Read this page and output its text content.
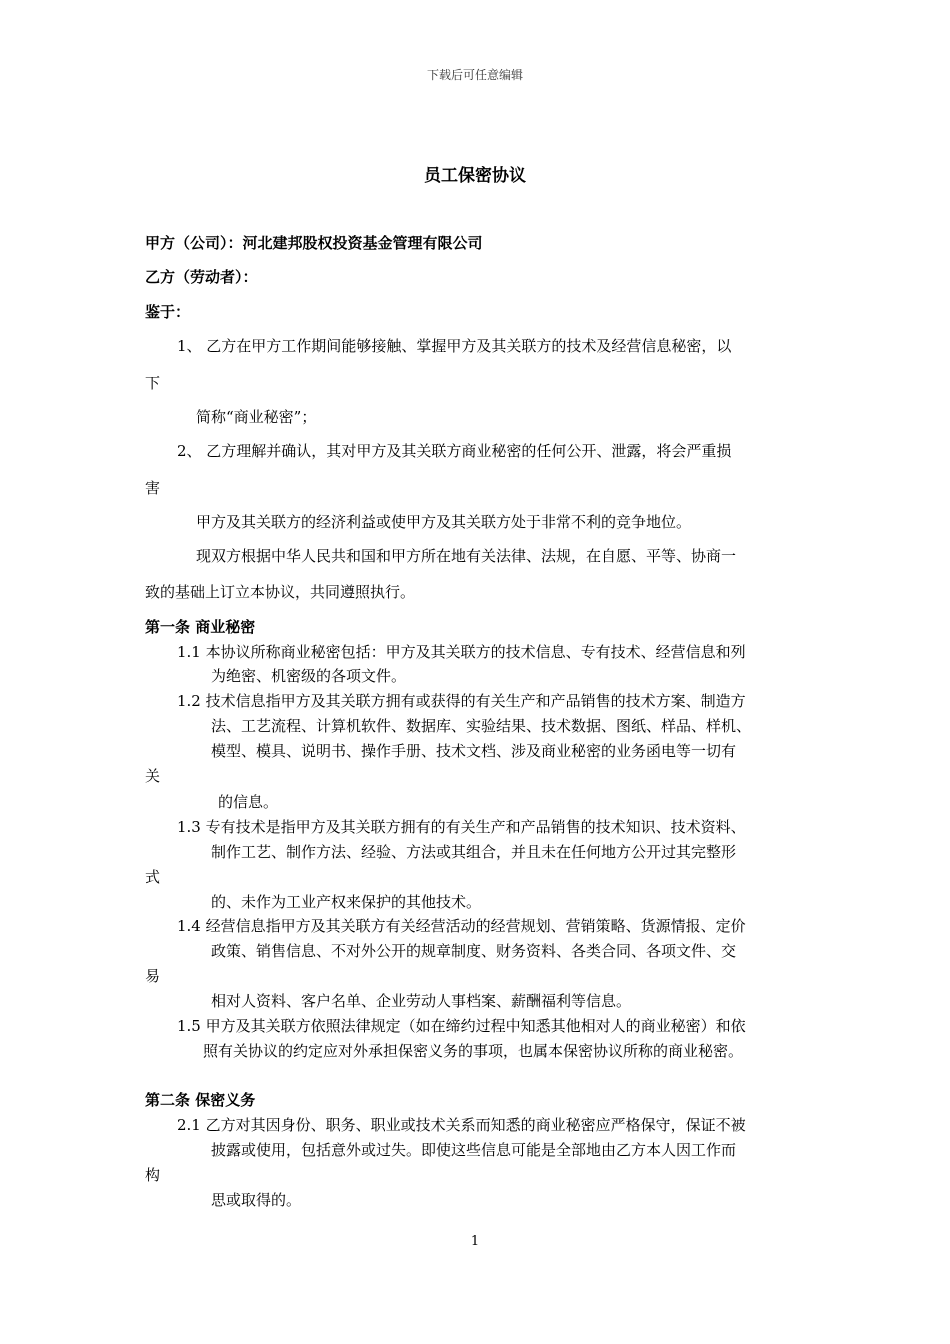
下载后可任意编辑
员工保密协议
甲方（公司）：河北建邦股权投资基金管理有限公司
乙方（劳动者）：
鉴于：
1、 乙方在甲方工作期间能够接触、掌握甲方及其关联方的技术及经营信息秘密，以
下
简称“商业秘密”；
2、 乙方理解并确认，其对甲方及其关联方商业秘密的任何公开、泄露，将会严重损
害
甲方及其关联方的经济利益或使甲方及其关联方处于非常不利的竞争地位。
现双方根据中华人民共和国和甲方所在地有关法律、法规，在自愿、平等、协商一
致的基础上订立本协议，共同遵照执行。
第一条 商业秘密
1.1 本协议所称商业秘密包括：甲方及其关联方的技术信息、专有技术、经营信息和列
为绝密、机密级的各项文件。
1.2 技术信息指甲方及其关联方拥有或获得的有关生产和产品销售的技术方案、制造方
法、工艺流程、计算机软件、数据库、实验结果、技术数据、图纸、样品、样机、
模型、模具、说明书、操作手册、技术文档、涉及商业秘密的业务函电等一切有
关
的信息。
1.3 专有技术是指甲方及其关联方拥有的有关生产和产品销售的技术知识、技术资料、
制作工艺、制作方法、经验、方法或其组合，并且未在任何地方公开过其完整形
式
的、未作为工业产权来保护的其他技术。
1.4 经营信息指甲方及其关联方有关经营活动的经营规划、营销策略、货源情报、定价
政策、销售信息、不对外公开的规章制度、财务资料、各类合同、各项文件、交
易
相对人资料、客户名单、企业劳动人事档案、薪酬福利等信息。
1.5 甲方及其关联方依照法律规定（如在缔约过程中知悉其他相对人的商业秘密）和依
照有关协议的约定应对外承担保密义务的事项，也属本保密协议所称的商业秘密。
第二条 保密义务
2.1 乙方对其因身份、职务、职业或技术关系而知悉的商业秘密应严格保守，保证不被
披露或使用，包括意外或过失。即使这些信息可能是全部地由乙方本人因工作而
构
思或取得的。
1
